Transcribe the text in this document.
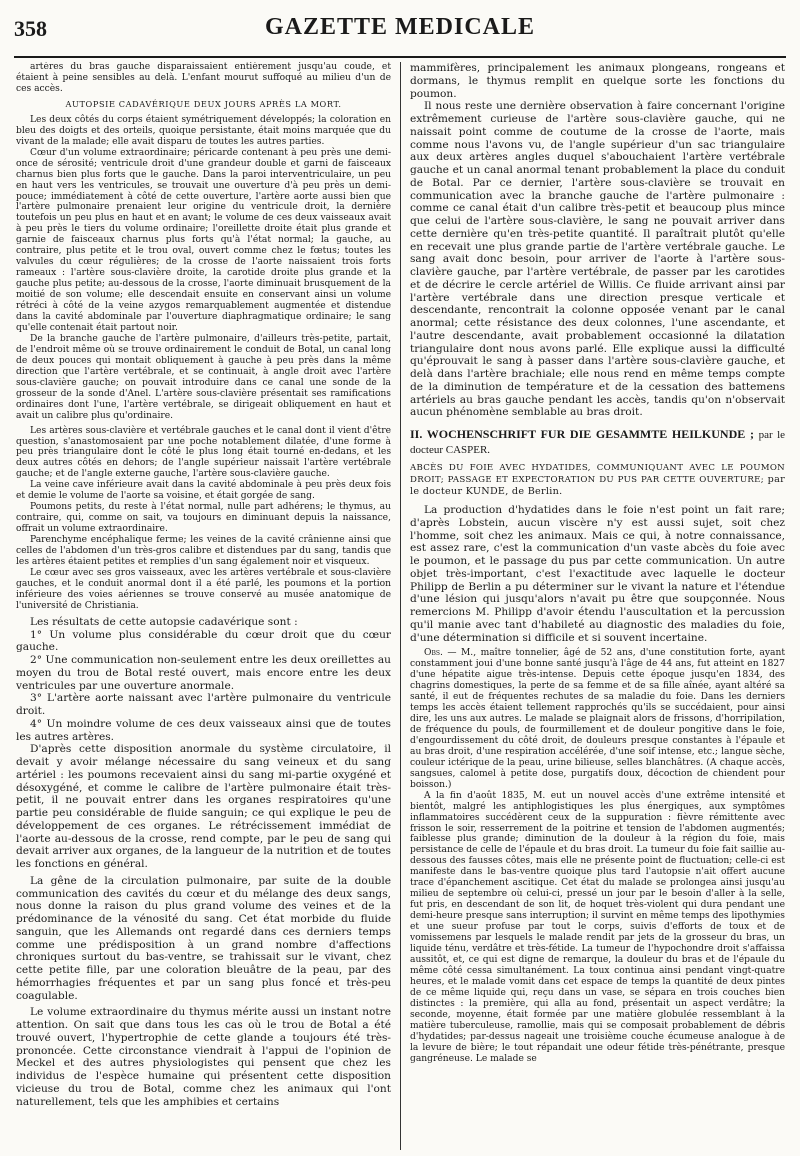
358	GAZETTE MEDICALE

artères du bras gauche disparaissaient entièrement jusqu'au coude, et étaient à peine sensibles au delà. L'enfant mourut suffoqué au milieu d'un de ces accès.

AUTOPSIE CADAVÉRIQUE DEUX JOURS APRÈS LA MORT.

Les deux côtés du corps étaient symétriquement développés; la coloration en bleu des doigts et des orteils, quoique persistante, était moins marquée que du vivant de la malade; elle avait disparu de toutes les autres parties.

Cœur d'un volume extraordinaire; péricarde contenant à peu près une demi-once de sérosité; ventricule droit d'une grandeur double et garni de faisceaux charnus bien plus forts que le gauche. Dans la paroi interventriculaire, un peu en haut vers les ventricules, se trouvait une ouverture d'à peu près un demi-pouce; immédiatement à côté de cette ouverture, l'artère aorte aussi bien que l'artère pulmonaire prenaient leur origine du ventricule droit, la dernière toutefois un peu plus en haut et en avant; le volume de ces deux vaisseaux avait à peu près le tiers du volume ordinaire; l'oreillette droite était plus grande et garnie de faisceaux charnus plus forts qu'à l'état normal; la gauche, au contraire, plus petite et le trou oval, ouvert comme chez le fœtus; toutes les valvules du cœur régulières; de la crosse de l'aorte naissaient trois forts rameaux : l'artère sous-clavière droite, la carotide droite plus grande et la gauche plus petite; au-dessous de la crosse, l'aorte diminuait brusquement de la moitié de son volume; elle descendait ensuite en conservant ainsi un volume rétréci à côté de la veine azygos remarquablement augmentée et distendue dans la cavité abdominale par l'ouverture diaphragmatique ordinaire; le sang qu'elle contenait était partout noir.

De la branche gauche de l'artère pulmonaire, d'ailleurs très-petite, partait, de l'endroit même où se trouve ordinairement le conduit de Botal, un canal long de deux pouces qui montait obliquement à gauche à peu près dans la même direction que l'artère vertébrale, et se continuait, à angle droit avec l'artère sous-clavière gauche; on pouvait introduire dans ce canal une sonde de la grosseur de la sonde d'Anel. L'artère sous-clavière présentait ses ramifications ordinaires dont l'une, l'artère vertébrale, se dirigeait obliquement en haut et avait un calibre plus qu'ordinaire.

Les artères sous-clavière et vertébrale gauches et le canal dont il vient d'être question, s'anastomosaient par une poche notablement dilatée, d'une forme à peu près triangulaire dont le côté le plus long était tourné en-dedans, et les deux autres côtés en dehors; de l'angle supérieur naissait l'artère vertébrale gauche; et de l'angle externe gauche, l'artère sous-clavière gauche.

La veine cave inférieure avait dans la cavité abdominale à peu près deux fois et demie le volume de l'aorte sa voisine, et était gorgée de sang.

Poumons petits, du reste à l'état normal, nulle part adhérens; le thymus, au contraire, qui, comme on sait, va toujours en diminuant depuis la naissance, offrait un volume extraordinaire.

Parenchyme encéphalique ferme; les veines de la cavité crânienne ainsi que celles de l'abdomen d'un très-gros calibre et distendues par du sang, tandis que les artères étaient petites et remplies d'un sang également noir et visqueux.

Le cœur avec ses gros vaisseaux, avec les artères vertébrale et sous-clavière gauches, et le conduit anormal dont il a été parlé, les poumons et la portion inférieure des voies aériennes se trouve conservé au musée anatomique de l'université de Christiania.

Les résultats de cette autopsie cadavérique sont :

1° Un volume plus considérable du cœur droit que du cœur gauche.

2° Une communication non-seulement entre les deux oreillettes au moyen du trou de Botal resté ouvert, mais encore entre les deux ventricules par une ouverture anormale.

3° L'artère aorte naissant avec l'artère pulmonaire du ventricule droit.

4° Un moindre volume de ces deux vaisseaux ainsi que de toutes les autres artères.

D'après cette disposition anormale du système circulatoire, il devait y avoir mélange nécessaire du sang veineux et du sang artériel : les poumons recevaient ainsi du sang mi-partie oxygéné et désoxygéné, et comme le calibre de l'artère pulmonaire était très-petit, il ne pouvait entrer dans les organes respiratoires qu'une partie peu considérable de fluide sanguin; ce qui explique le peu de développement de ces organes. Le rétrécissement immédiat de l'aorte au-dessous de la crosse, rend compte, par le peu de sang qui devait arriver aux organes, de la langueur de la nutrition et de toutes les fonctions en général.

La gêne de la circulation pulmonaire, par suite de la double communication des cavités du cœur et du mélange des deux sangs, nous donne la raison du plus grand volume des veines et de la prédominance de la vénosité du sang. Cet état morbide du fluide sanguin, que les Allemands ont regardé dans ces derniers temps comme une prédisposition à un grand nombre d'affections chroniques surtout du bas-ventre, se trahissait sur le vivant, chez cette petite fille, par une coloration bleuâtre de la peau, par des hémorrhagies fréquentes et par un sang plus foncé et très-peu coagulable.

Le volume extraordinaire du thymus mérite aussi un instant notre attention. On sait que dans tous les cas où le trou de Botal a été trouvé ouvert, l'hypertrophie de cette glande a toujours été très-prononcée. Cette circonstance viendrait à l'appui de l'opinion de Meckel et des autres physiologistes qui pensent que chez les individus de l'espèce humaine qui présentent cette disposition vicieuse du trou de Botal, comme chez les animaux qui l'ont naturellement, tels que les amphibies et certains

mammifères, principalement les animaux plongeans, rongeans et dormans, le thymus remplit en quelque sorte les fonctions du poumon.

Il nous reste une dernière observation à faire concernant l'origine extrêmement curieuse de l'artère sous-clavière gauche, qui ne naissait point comme de coutume de la crosse de l'aorte, mais comme nous l'avons vu, de l'angle supérieur d'un sac triangulaire aux deux artères angles duquel s'abouchaient l'artère vertébrale gauche et un canal anormal tenant probablement la place du conduit de Botal. Par ce dernier, l'artère sous-clavière se trouvait en communication avec la branche gauche de l'artère pulmonaire : comme ce canal était d'un calibre très-petit et beaucoup plus mince que celui de l'artère sous-clavière, le sang ne pouvait arriver dans cette dernière qu'en très-petite quantité. Il paraîtrait plutôt qu'elle en recevait une plus grande partie de l'artère vertébrale gauche. Le sang avait donc besoin, pour arriver de l'aorte à l'artère sous-clavière gauche, par l'artère vertébrale, de passer par les carotides et de décrire le cercle artériel de Willis. Ce fluide arrivant ainsi par l'artère vertébrale dans une direction presque verticale et descendante, rencontrait la colonne opposée venant par le canal anormal; cette résistance des deux colonnes, l'une ascendante, et l'autre descendante, avait probablement occasionné la dilatation triangulaire dont nous avons parlé. Elle explique aussi la difficulté qu'éprouvait le sang à passer dans l'artère sous-clavière gauche, et delà dans l'artère brachiale; elle nous rend en même temps compte de la diminution de température et de la cessation des battemens artériels au bras gauche pendant les accès, tandis qu'on n'observait aucun phénomène semblable au bras droit.

II. WOCHENSCHRIFT FUR DIE GESAMMTE HEILKUNDE ; par le docteur CASPER.
ABCÈS DU FOIE AVEC HYDATIDES, COMMUNIQUANT AVEC LE POUMON DROIT; PASSAGE ET EXPECTORATION DU PUS PAR CETTE OUVERTURE; par le docteur KUNDE, de Berlin.

La production d'hydatides dans le foie n'est point un fait rare; d'après Lobstein, aucun viscère n'y est aussi sujet, soit chez l'homme, soit chez les animaux. Mais ce qui, à notre connaissance, est assez rare, c'est la communication d'un vaste abcès du foie avec le poumon, et le passage du pus par cette communication. Un autre objet très-important, c'est l'exactitude avec laquelle le docteur Philipp de Berlin a pu déterminer sur le vivant la nature et l'étendue d'une lésion qui jusqu'alors n'avait pu être que soupçonnée. Nous remercions M. Philipp d'avoir étendu l'auscultation et la percussion qu'il manie avec tant d'habileté au diagnostic des maladies du foie, d'une détermination si difficile et si souvent incertaine.

Obs. — M., maître tonnelier, âgé de 52 ans, d'une constitution forte, ayant constamment joui d'une bonne santé jusqu'à l'âge de 44 ans, fut atteint en 1827 d'une hépatite aigue très-intense. Depuis cette époque jusqu'en 1834, des chagrins domestiques, la perte de sa femme et de sa fille aînée, ayant altéré sa santé, il eut de fréquentes rechutes de sa maladie du foie. Dans les derniers temps les accès étaient tellement rapprochés qu'ils se succédaient, pour ainsi dire, les uns aux autres. Le malade se plaignait alors de frissons, d'horripilation, de fréquence du pouls, de fourmillement et de douleur pongitive dans le foie, d'engourdissement du côté droit, de douleurs presque constantes à l'épaule et au bras droit, d'une respiration accélérée, d'une soif intense, etc.; langue sèche, couleur ictérique de la peau, urine bilieuse, selles blanchâtres. (A chaque accès, sangsues, calomel à petite dose, purgatifs doux, décoction de chiendent pour boisson.)

A la fin d'août 1835, M. eut un nouvel accès d'une extrême intensité et bientôt, malgré les antiphlogistiques les plus énergiques, aux symptômes inflammatoires succédèrent ceux de la suppuration : fièvre rémittente avec frisson le soir, resserrement de la poitrine et tension de l'abdomen augmentés; faiblesse plus grande; diminution de la douleur à la région du foie, mais persistance de celle de l'épaule et du bras droit. La tumeur du foie fait saillie au-dessous des fausses côtes, mais elle ne présente point de fluctuation; celle-ci est manifeste dans le bas-ventre quoique plus tard l'autopsie n'ait offert aucune trace d'épanchement ascitique. Cet état du malade se prolongea ainsi jusqu'au milieu de septembre où celui-ci, pressé un jour par le besoin d'aller à la selle, fut pris, en descendant de son lit, de hoquet très-violent qui dura pendant une demi-heure presque sans interruption; il survint en même temps des lipothymies et une sueur profuse par tout le corps, suivis d'efforts de toux et de vomissemens par lesquels le malade rendit par jets de la grosseur du bras, un liquide ténu, verdâtre et très-fétide. La tumeur de l'hypochondre droit s'affaissa aussitôt, et, ce qui est digne de remarque, la douleur du bras et de l'épaule du même côté cessa simultanément. La toux continua ainsi pendant vingt-quatre heures, et le malade vomit dans cet espace de temps la quantité de deux pintes de ce même liquide qui, reçu dans un vase, se sépara en trois couches bien distinctes : la première, qui alla au fond, présentait un aspect verdâtre; la seconde, moyenne, était formée par une matière globulée ressemblant à la matière tuberculeuse, ramollie, mais qui se composait probablement de débris d'hydatides; par-dessus nageait une troisième couche écumeuse analogue à de la levure de bière; le tout répandait une odeur fétide très-pénétrante, presque gangréneuse. Le malade se
